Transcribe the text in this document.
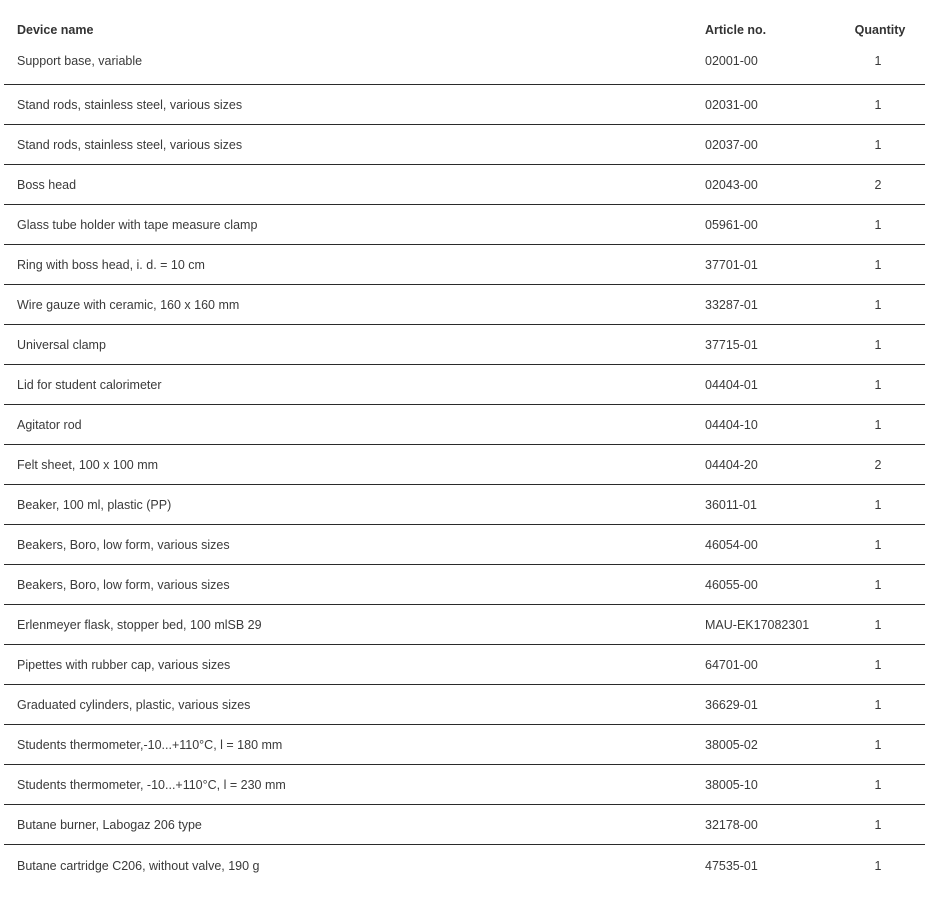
Device name	Article no.	Quantity
Support base, variable	02001-00	1
Stand rods, stainless steel, various sizes	02031-00	1
Stand rods, stainless steel, various sizes	02037-00	1
Boss head	02043-00	2
Glass tube holder with tape measure clamp	05961-00	1
Ring with boss head, i. d. = 10 cm	37701-01	1
Wire gauze with ceramic, 160 x 160 mm	33287-01	1
Universal clamp	37715-01	1
Lid for student calorimeter	04404-01	1
Agitator rod	04404-10	1
Felt sheet, 100 x 100 mm	04404-20	2
Beaker, 100 ml, plastic (PP)	36011-01	1
Beakers, Boro, low form, various sizes	46054-00	1
Beakers, Boro, low form, various sizes	46055-00	1
Erlenmeyer flask, stopper bed, 100 mlSB 29	MAU-EK17082301	1
Pipettes with rubber cap, various sizes	64701-00	1
Graduated cylinders, plastic, various sizes	36629-01	1
Students thermometer,-10...+110°C, l = 180 mm	38005-02	1
Students thermometer, -10...+110°C, l = 230 mm	38005-10	1
Butane burner, Labogaz 206 type	32178-00	1
Butane cartridge C206, without valve, 190 g	47535-01	1
